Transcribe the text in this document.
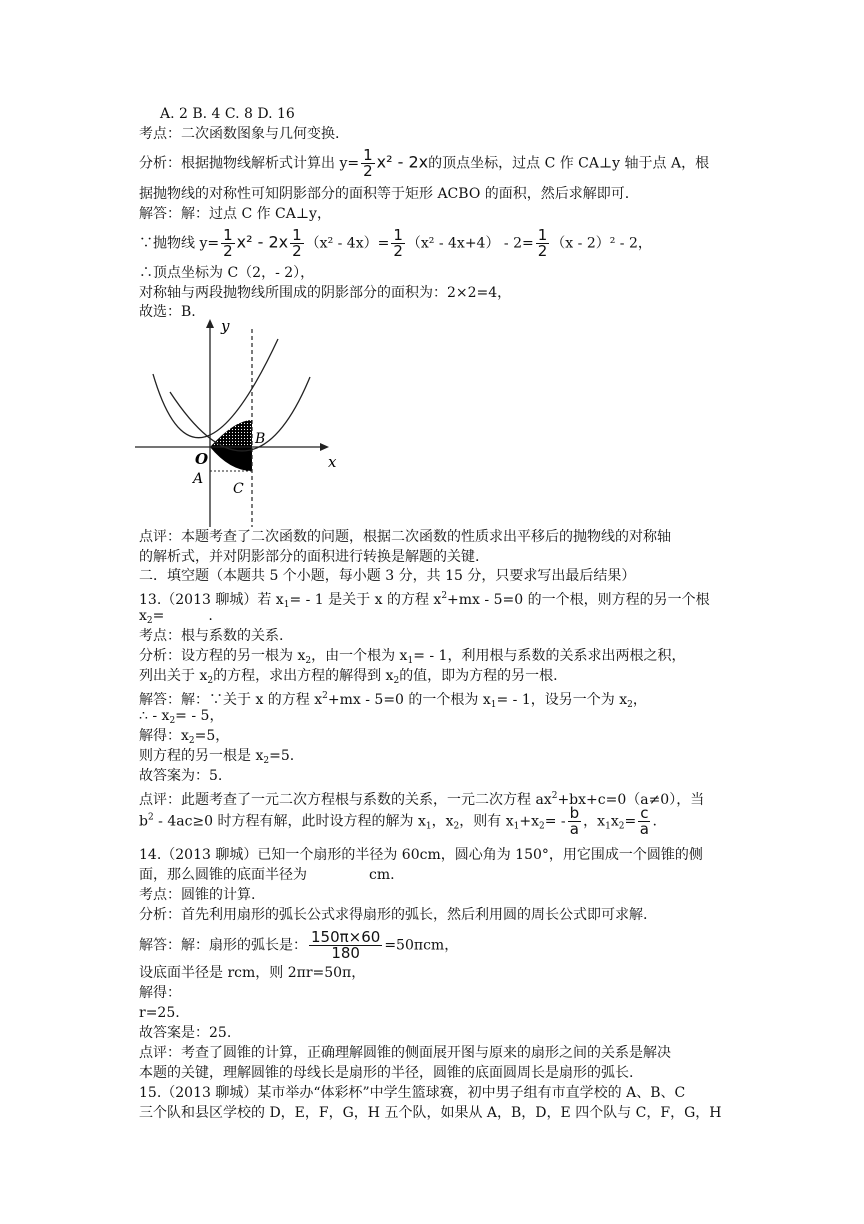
A. 2 B. 4 C. 8 D. 16
考点：二次函数图象与几何变换.
分析：根据抛物线解析式计算出 $y= \frac{1}{2} x^2 - 2x$的顶点坐标，过点 C 作 CA⊥y 轴于点 A，根
据抛物线的对称性可知阴影部分的面积等于矩形 ACBO 的面积，然后求解即可.
解答：解：过点 C 作 CA⊥y，
∵抛物线 $y= \frac{1}{2} x^2 - 2x \frac{1}{2} (x^2 - 4x)= \frac{1}{2} (x^2 - 4x+4) - 2= \frac{1}{2} (x - 2)^2 - 2$，
∴顶点坐标为 C（2，- 2），
对称轴与两段抛物线所围成的阴影部分的面积为：2×2=4，
故选：B.
y
x
O
B
A
C
点评：本题考查了二次函数的问题，根据二次函数的性质求出平移后的抛物线的对称轴
的解析式，并对阴影部分的面积进行转换是解题的关键.
二．填空题（本题共 5 个小题，每小题 3 分，共 15 分，只要求写出最后结果）
13.（2013 聊城）若 $x_1= - 1$ 是关于 x 的方程 $x^2+mx - 5=0$ 的一个根，则方程的另一个根
$x_2=$	.
考点：根与系数的关系.
分析：设方程的另一根为 $x_2$，由一个根为 $x_1= - 1$，利用根与系数的关系求出两根之积，
列出关于 $x_2$的方程，求出方程的解得到 $x_2$的值，即为方程的另一根.
解答：解：∵关于 x 的方程 $x^2+mx - 5=0$ 的一个根为 $x_1= - 1$，设另一个为 $x_2$，
∴ - $x_2= - 5$，
解得：$x_2=5$，
则方程的另一根是 $x_2=5$.
故答案为：5.
点评：此题考查了一元二次方程根与系数的关系，一元二次方程 $ax^2+bx+c=0(a\ne 0)$，当
$b^2 - 4ac\ge 0$ 时方程有解，此时设方程的解为 $x_1$，$x_2$，则有 $x_1+x_2= - \frac{b}{a}$ ，$x_1x_2= \frac{c}{a}$ .
14.（2013 聊城）已知一个扇形的半径为 60cm，圆心角为 150°，用它围成一个圆锥的侧
面，那么圆锥的底面半径为	cm.
考点：圆锥的计算.
分析：首先利用扇形的弧长公式求得扇形的弧长，然后利用圆的周长公式即可求解.
解答：解：扇形的弧长是： $\frac{150\pi\times 60}{180} =50\pi cm$，
设底面半径是 rcm，则 2πr=50π，
解得：
r=25.
故答案是：25.
点评：考查了圆锥的计算，正确理解圆锥的侧面展开图与原来的扇形之间的关系是解决
本题的关键，理解圆锥的母线长是扇形的半径，圆锥的底面圆周长是扇形的弧长.
15.（2013 聊城）某市举办“体彩杯”中学生篮球赛，初中男子组有市直学校的 A、B、C
三个队和县区学校的 D，E，F，G，H 五个队，如果从 A，B，D，E 四个队与 C，F，G，H
